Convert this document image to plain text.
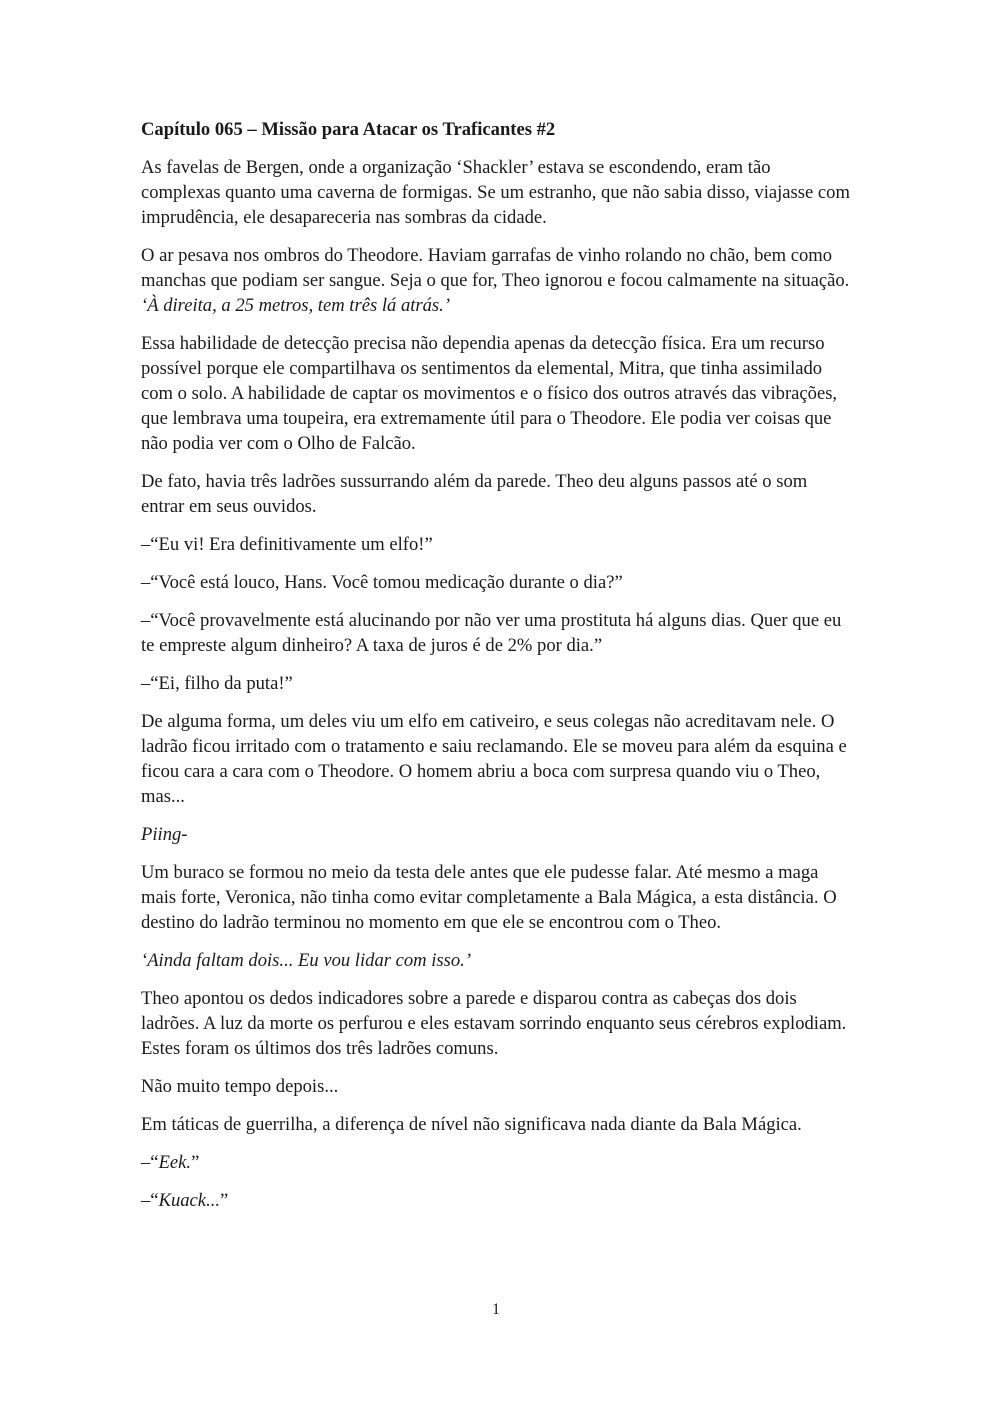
Capítulo 065 – Missão para Atacar os Traficantes #2

As favelas de Bergen, onde a organização ‘Shackler’ estava se escondendo, eram tão complexas quanto uma caverna de formigas. Se um estranho, que não sabia disso, viajasse com imprudência, ele desapareceria nas sombras da cidade.

O ar pesava nos ombros do Theodore. Haviam garrafas de vinho rolando no chão, bem como manchas que podiam ser sangue. Seja o que for, Theo ignorou e focou calmamente na situação. ‘À direita, a 25 metros, tem três lá atrás.’

Essa habilidade de detecção precisa não dependia apenas da detecção física. Era um recurso possível porque ele compartilhava os sentimentos da elemental, Mitra, que tinha assimilado com o solo. A habilidade de captar os movimentos e o físico dos outros através das vibrações, que lembrava uma toupeira, era extremamente útil para o Theodore. Ele podia ver coisas que não podia ver com o Olho de Falcão.

De fato, havia três ladrões sussurrando além da parede. Theo deu alguns passos até o som entrar em seus ouvidos.

–“Eu vi! Era definitivamente um elfo!”

–“Você está louco, Hans. Você tomou medicação durante o dia?”

–“Você provavelmente está alucinando por não ver uma prostituta há alguns dias. Quer que eu te empreste algum dinheiro? A taxa de juros é de 2% por dia.”

–“Ei, filho da puta!”

De alguma forma, um deles viu um elfo em cativeiro, e seus colegas não acreditavam nele. O ladrão ficou irritado com o tratamento e saiu reclamando. Ele se moveu para além da esquina e ficou cara a cara com o Theodore. O homem abriu a boca com surpresa quando viu o Theo, mas...

Piing-

Um buraco se formou no meio da testa dele antes que ele pudesse falar. Até mesmo a maga mais forte, Veronica, não tinha como evitar completamente a Bala Mágica, a esta distância. O destino do ladrão terminou no momento em que ele se encontrou com o Theo.

‘Ainda faltam dois... Eu vou lidar com isso.’

Theo apontou os dedos indicadores sobre a parede e disparou contra as cabeças dos dois ladrões. A luz da morte os perfurou e eles estavam sorrindo enquanto seus cérebros explodiam. Estes foram os últimos dos três ladrões comuns.

Não muito tempo depois...

Em táticas de guerrilha, a diferença de nível não significava nada diante da Bala Mágica.

–“Eek.”

–“Kuack...”

1
